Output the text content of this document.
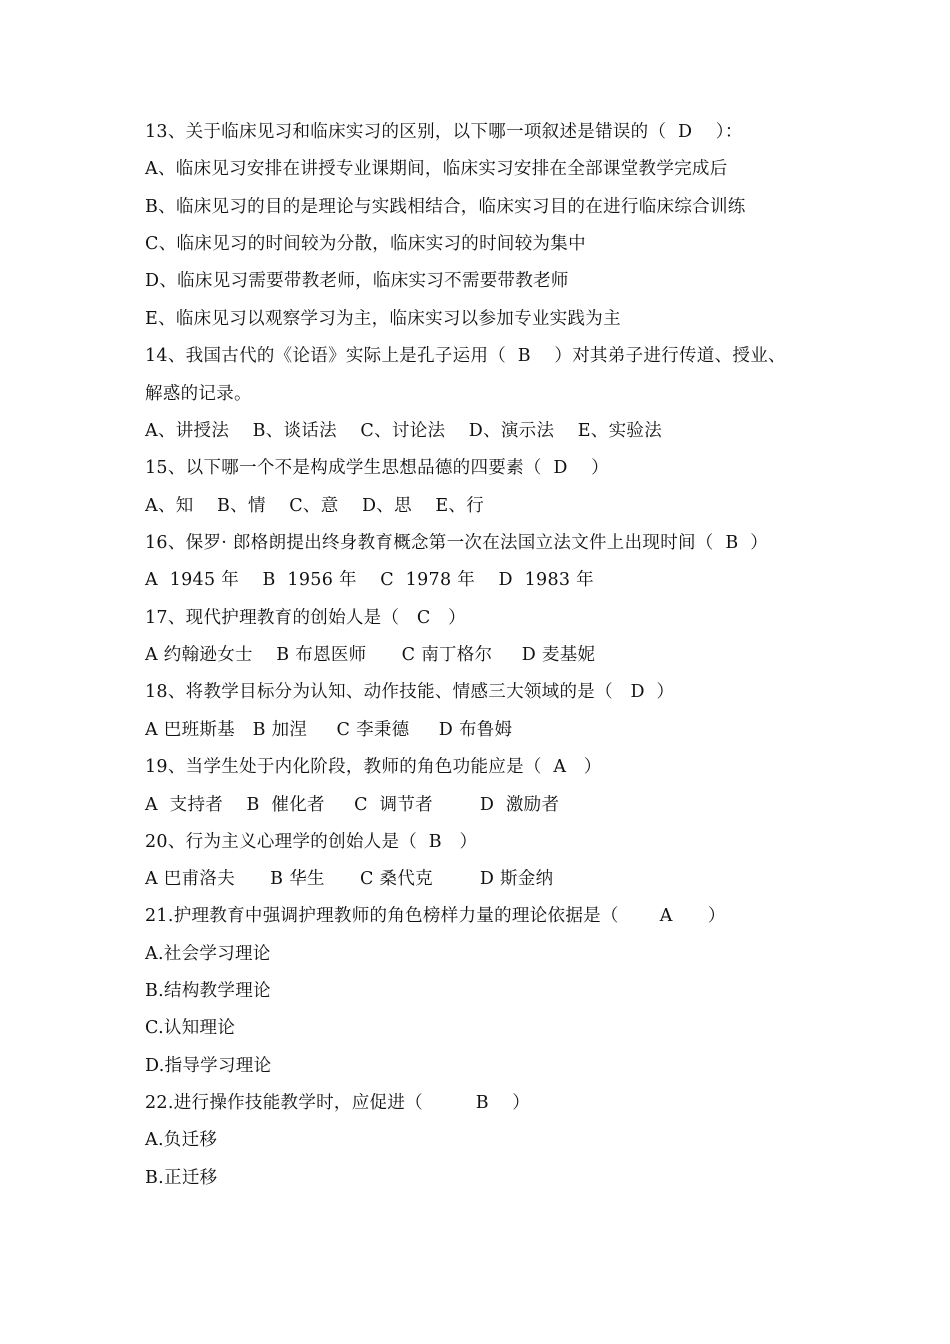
13、关于临床见习和临床实习的区别，以下哪一项叙述是错误的（  D    ）：
A、临床见习安排在讲授专业课期间，临床实习安排在全部课堂教学完成后
B、临床见习的目的是理论与实践相结合，临床实习目的在进行临床综合训练
C、临床见习的时间较为分散，临床实习的时间较为集中
D、临床见习需要带教老师，临床实习不需要带教老师
E、临床见习以观察学习为主，临床实习以参加专业实践为主
14、我国古代的《论语》实际上是孔子运用（  B    ）对其弟子进行传道、授业、
解惑的记录。
A、讲授法    B、谈话法    C、讨论法    D、演示法    E、实验法
15、以下哪一个不是构成学生思想品德的四要素（  D    ）
A、知    B、情    C、意    D、思    E、行
16、保罗· 郎格朗提出终身教育概念第一次在法国立法文件上出现时间（  B  ）
A  1945 年    B  1956 年    C  1978 年    D  1983 年
17、现代护理教育的创始人是（   C   ）
A 约翰逊女士    B 布恩医师      C 南丁格尔     D 麦基妮
18、将教学目标分为认知、动作技能、情感三大领域的是（   D  ）
A 巴班斯基   B 加涅     C 李秉德     D 布鲁姆
19、当学生处于内化阶段，教师的角色功能应是（  A   ）
A  支持者    B  催化者     C  调节者        D  激励者
20、行为主义心理学的创始人是（  B   ）
A 巴甫洛夫      B 华生      C 桑代克        D 斯金纳
21.护理教育中强调护理教师的角色榜样力量的理论依据是（       A      ）
A.社会学习理论
B.结构教学理论
C.认知理论
D.指导学习理论
22.进行操作技能教学时，应促进（         B    ）
A.负迁移
B.正迁移
